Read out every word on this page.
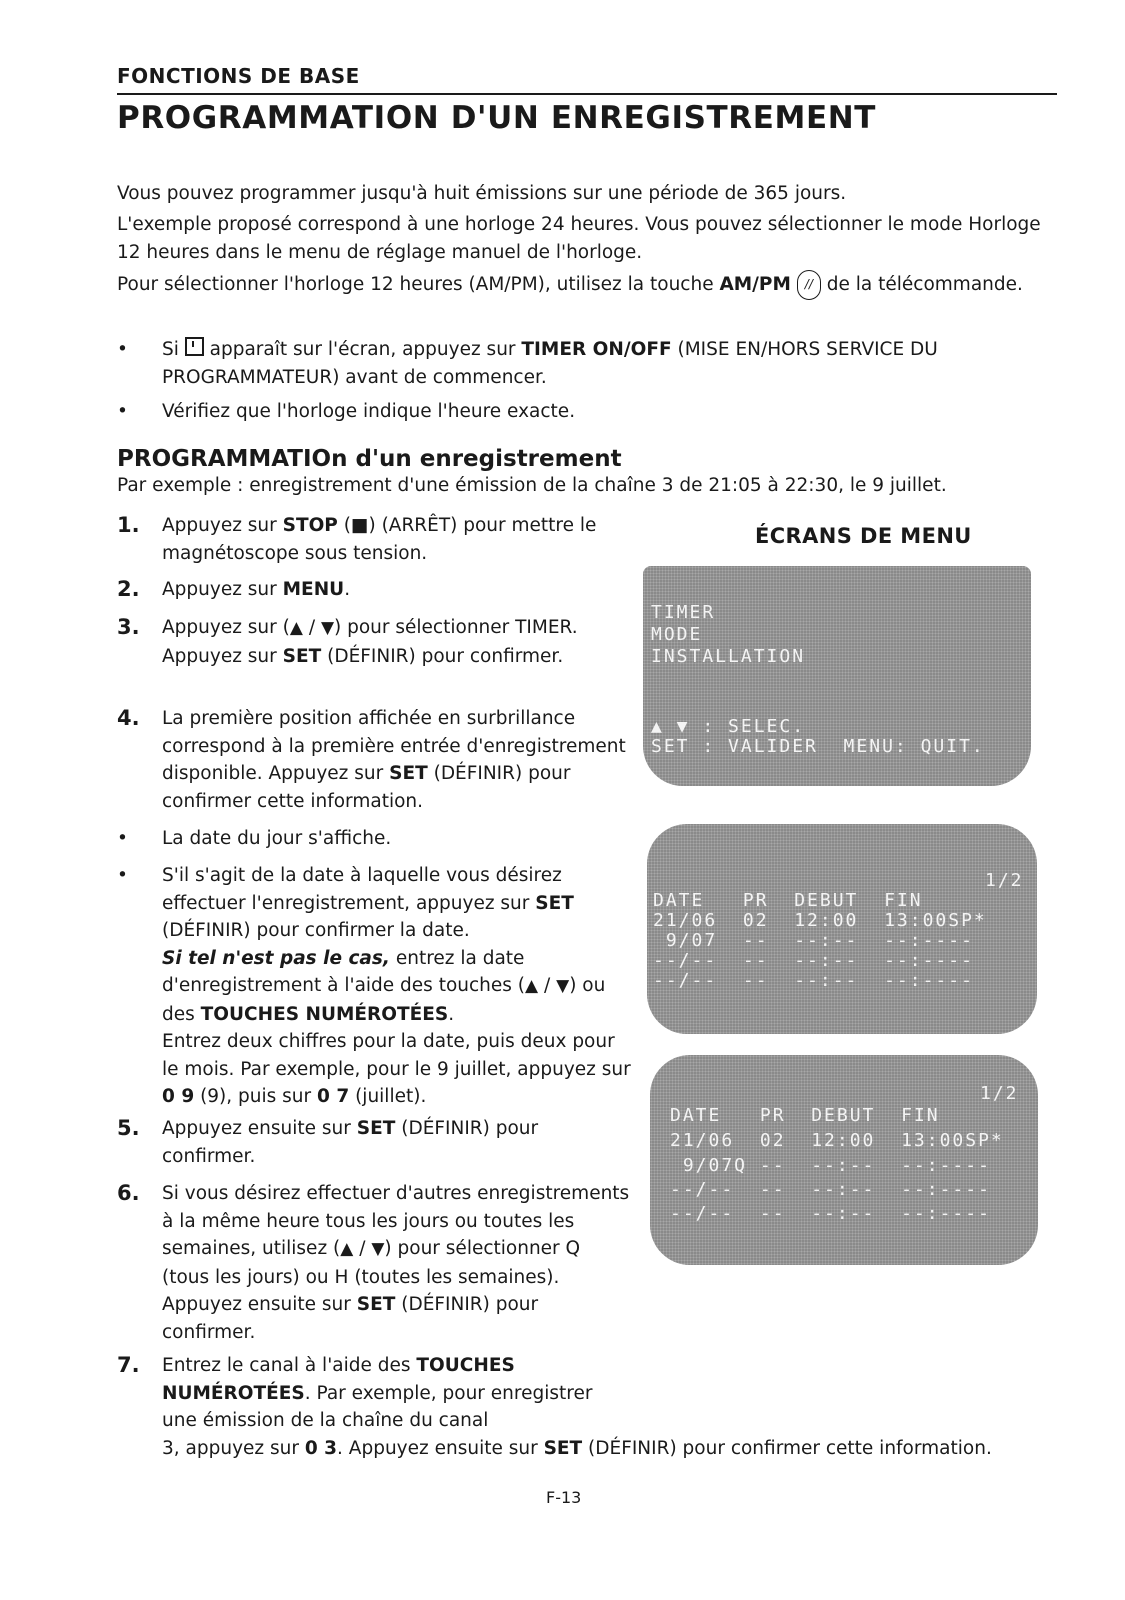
FONCTIONS DE BASE
PROGRAMMATION D'UN ENREGISTREMENT

Vous pouvez programmer jusqu'à huit émissions sur une période de 365 jours.

L'exemple proposé correspond à une horloge 24 heures. Vous pouvez sélectionner le mode Horloge 12 heures dans le menu de réglage manuel de l'horloge.

Pour sélectionner l'horloge 12 heures (AM/PM), utilisez la touche AM/PM // de la télécommande.

•	Si  apparaît sur l'écran, appuyez sur TIMER ON/OFF (MISE EN/HORS SERVICE DU PROGRAMMATEUR) avant de commencer.
•	Vérifiez que l'horloge indique l'heure exacte.
PROGRAMMATIOn d'un enregistrement

Par exemple : enregistrement d'une émission de la chaîne 3 de 21:05 à 22:30, le 9 juillet.

1. Appuyez sur STOP (■) (ARRÊT) pour mettre le magnétoscope sous tension.
2. Appuyez sur MENU.
3. Appuyez sur (▲ / ▼) pour sélectionner TIMER. Appuyez sur SET (DÉFINIR) pour confirmer.
4. La première position affichée en surbrillance correspond à la première entrée d'enregistrement disponible. Appuyez sur SET (DÉFINIR) pour confirmer cette information.
•	La date du jour s'affiche.
•	S'il s'agit de la date à laquelle vous désirez effectuer l'enregistrement, appuyez sur SET (DÉFINIR) pour confirmer la date.
Si tel n'est pas le cas, entrez la date d'enregistrement à l'aide des touches (▲ / ▼) ou des TOUCHES NUMÉROTÉES.
Entrez deux chiffres pour la date, puis deux pour le mois. Par exemple, pour le 9 juillet, appuyez sur 0 9 (9), puis sur 0 7 (juillet).
5. Appuyez ensuite sur SET (DÉFINIR) pour confirmer.
6. Si vous désirez effectuer d'autres enregistrements à la même heure tous les jours ou toutes les semaines, utilisez (▲ / ▼) pour sélectionner Q (tous les jours) ou H (toutes les semaines). Appuyez ensuite sur SET (DÉFINIR) pour confirmer.
7. Entrez le canal à l'aide des TOUCHES NUMÉROTÉES. Par exemple, pour enregistrer une émission de la chaîne du canal
3, appuyez sur 0 3. Appuyez ensuite sur SET (DÉFINIR) pour confirmer cette information.
ÉCRANS DE MENU
TIMER
MODE
INSTALLATION
▲ ▼ : SELEC.
SET : VALIDER  MENU: QUIT.
1/2
DATE   PR  DEBUT  FIN
21/06  02  12:00  13:00SP*
9/07  --  --:--  --:----
--/--  --  --:--  --:----
--/--  --  --:--  --:----
1/2
DATE   PR  DEBUT  FIN
21/06  02  12:00  13:00SP*
9/07Q --  --:--  --:----
--/--  --  --:--  --:----
--/--  --  --:--  --:----
F-13
